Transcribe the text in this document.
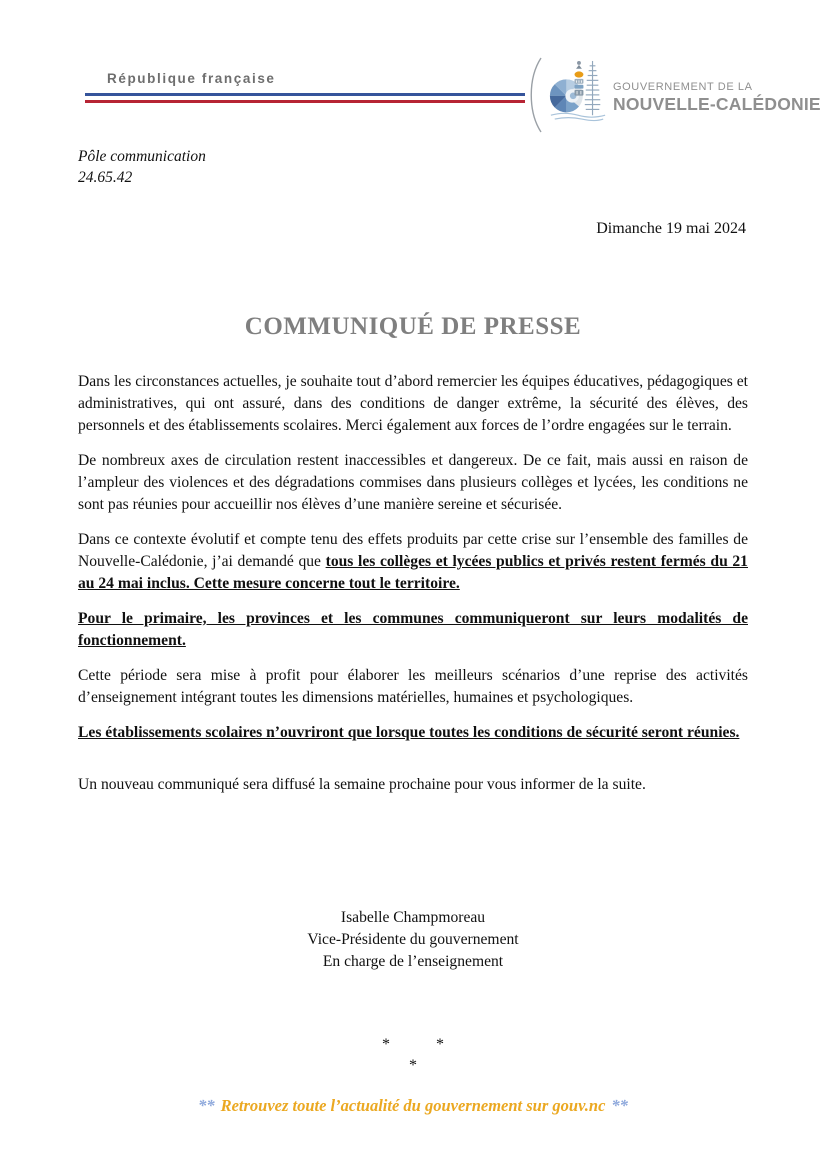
République française
GOUVERNEMENT DE LA
NOUVELLE-CALÉDONIE
Pôle communication
24.65.42
Dimanche 19 mai 2024
COMMUNIQUÉ DE PRESSE

Dans les circonstances actuelles, je souhaite tout d’abord remercier les équipes éducatives, pédagogiques et administratives, qui ont assuré, dans des conditions de danger extrême, la sécurité des élèves, des personnels et des établissements scolaires. Merci également aux forces de l’ordre engagées sur le terrain.

De nombreux axes de circulation restent inaccessibles et dangereux. De ce fait, mais aussi en raison de l’ampleur des violences et des dégradations commises dans plusieurs collèges et lycées, les conditions ne sont pas réunies pour accueillir nos élèves d’une manière sereine et sécurisée.

Dans ce contexte évolutif et compte tenu des effets produits par cette crise sur l’ensemble des familles de Nouvelle-Calédonie, j’ai demandé que tous les collèges et lycées publics et privés restent fermés du 21 au 24 mai inclus. Cette mesure concerne tout le territoire.

Pour le primaire, les provinces et les communes communiqueront sur leurs modalités de fonctionnement.

Cette période sera mise à profit pour élaborer les meilleurs scénarios d’une reprise des activités d’enseignement intégrant toutes les dimensions matérielles, humaines et psychologiques.

Les établissements scolaires n’ouvriront que lorsque toutes les conditions de sécurité seront réunies.

Un nouveau communiqué sera diffusé la semaine prochaine pour vous informer de la suite.

Isabelle Champmoreau
Vice-Présidente du gouvernement
En charge de l’enseignement
*	*
*
** Retrouvez toute l’actualité du gouvernement sur gouv.nc **
